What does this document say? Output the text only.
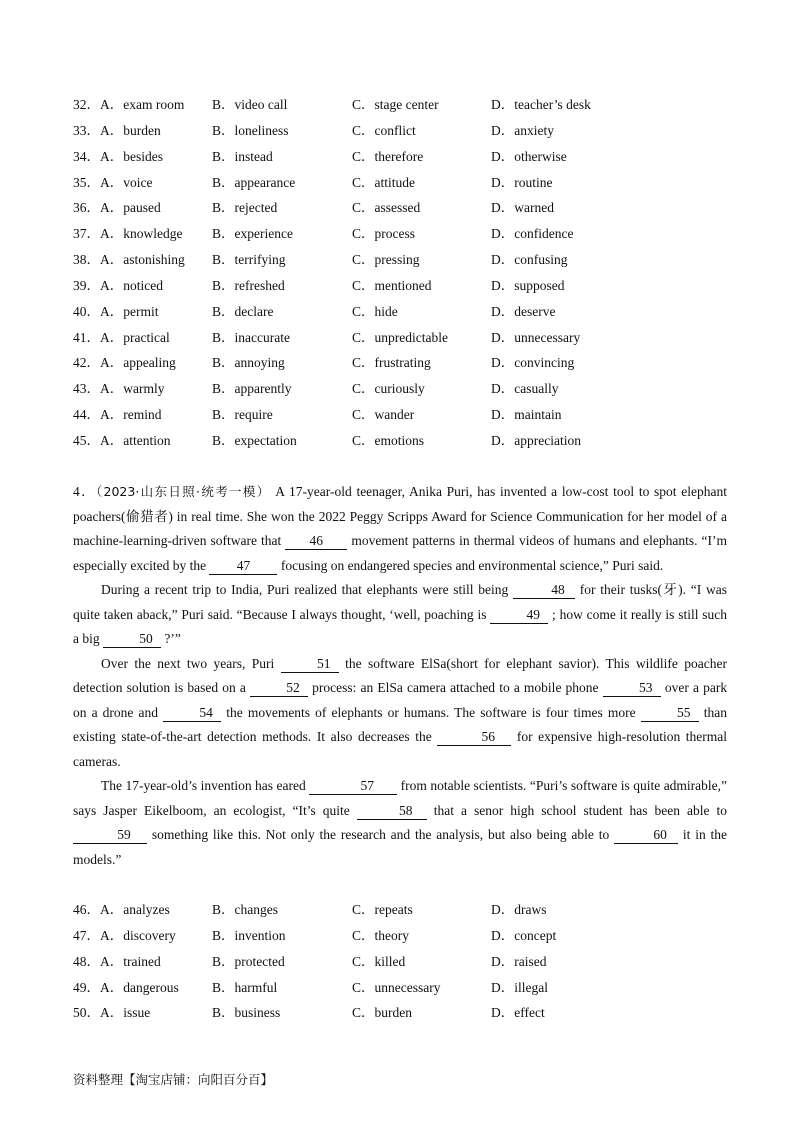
32． A．exam room B．video call	C．stage center	D．teacher’s desk
33． A．burden	B．loneliness	C．conflict	D．anxiety
34． A．besides	B．instead	C．therefore	D．otherwise
35． A．voice	B．appearance	C．attitude	D．routine
36． A．paused	B．rejected	C．assessed	D．warned
37． A．knowledge B．experience	C．process	D．confidence
38． A．astonishing B．terrifying	C．pressing	D．confusing
39． A．noticed	B．refreshed	C．mentioned	D．supposed
40． A．permit	B．declare	C．hide	D．deserve
41． A．practical	B．inaccurate	C．unpredictable	D．unnecessary
42． A．appealing	B．annoying	C．frustrating	D．convincing
43． A．warmly	B．apparently	C．curiously	D．casually
44． A．remind	B．require	C．wander	D．maintain
45． A．attention	B．expectation	C．emotions	D．appreciation

4．（2023·山东日照·统考一模） A 17-year-old teenager, Anika Puri, has invented a low-cost tool to spot elephant poachers(偷猎者) in real time. She won the 2022 Peggy Scripps Award for Science Communication for her model of a machine-learning-driven software that 46 movement patterns in thermal videos of humans and elephants. “I’m especially excited by the 47 focusing on endangered species and environmental science,” Puri said.

During a recent trip to India, Puri realized that elephants were still being	48 for their tusks(牙). “I was quite taken aback,” Puri said. “Because I always thought, ‘well, poaching is	49 ; how come it really is still such a big	50 ?’”

Over the next two years, Puri	51 the software ElSa(short for elephant savior). This wildlife poacher detection solution is based on a	52 process: an ElSa camera attached to a mobile phone	53 over a park on a drone and	54 the movements of elephants or humans. The software is four times more	55 than existing state-of-the-art detection methods. It also decreases the	56 for expensive high-resolution thermal cameras.

The 17-year-old’s invention has eared	57 from notable scientists. “Puri’s software is quite admirable,” says Jasper Eikelboom, an ecologist, “It’s quite	58 that a senor high school student has been able to 59 something like this. Not only the research and the analysis, but also being able to	60 it in the models.”

46． A．analyzes	B．changes	C．repeats	D．draws
47． A．discovery	B．invention	C．theory	D．concept
48． A．trained	B．protected	C．killed	D．raised
49． A．dangerous B．harmful	C．unnecessary	D．illegal
50． A．issue	B．business	C．burden	D．effect
资料整理【淘宝店铺：向阳百分百】
